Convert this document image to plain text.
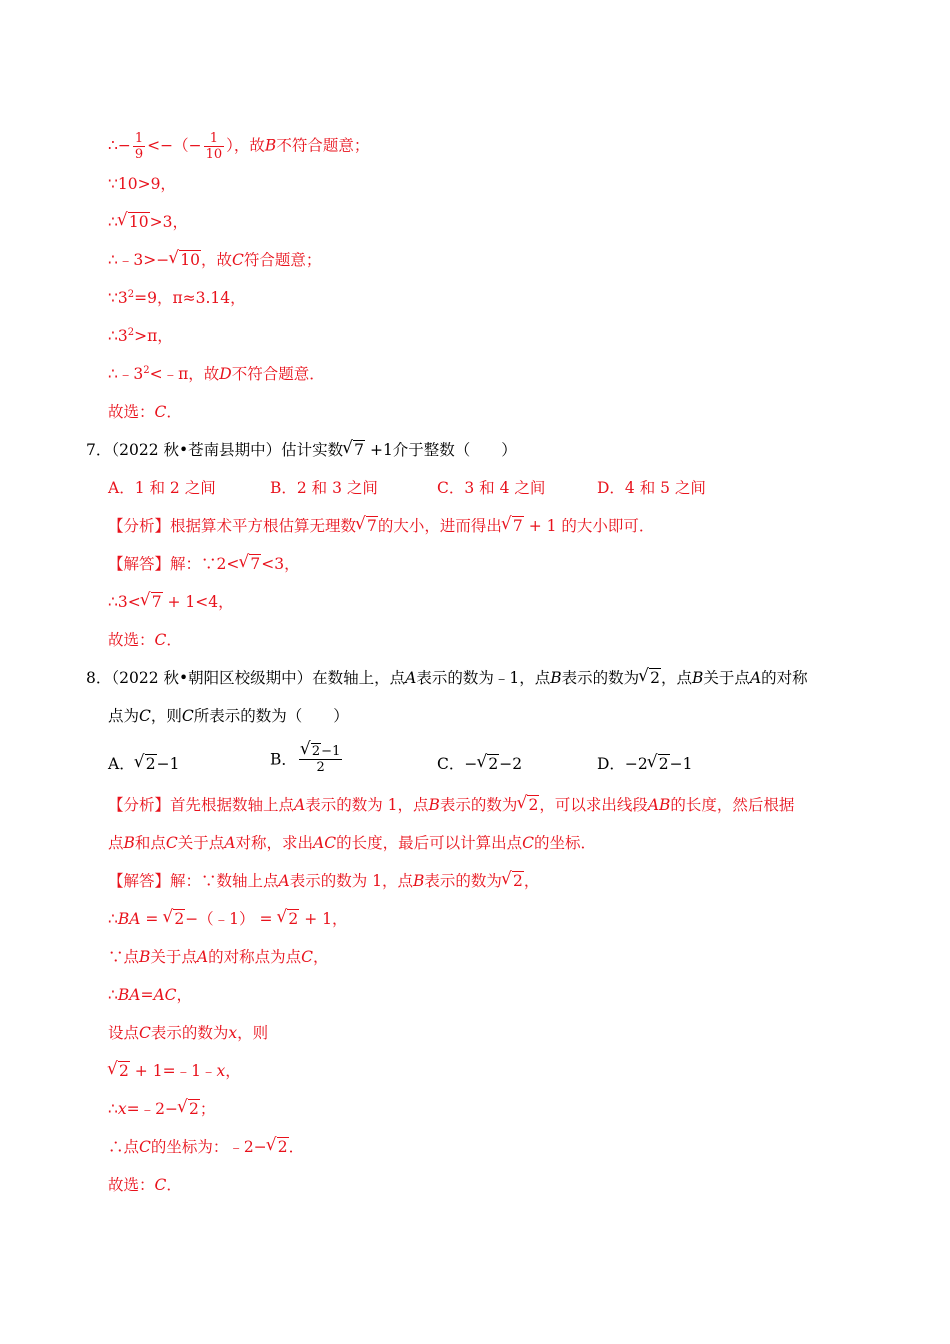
∴− $\frac{1}{9}$ <−（− $\frac{1}{10}$ ），故B不符合题意；
∵10>9，
∴ √ 10>3，
∴﹣3>− √ 10，故C符合题意；
$\because 3^2=9$，π≈3.14，
$\therefore 3^2>\pi$，
$\therefore﹣3^2<﹣\pi$，故D不符合题意．
故选：C．
7．（2022 秋•苍南县期中）估计实数 √ 7 +1介于整数（　　）
A．1 和 2 之间	B．2 和 3 之间	C．3 和 4 之间	D．4 和 5 之间
【分析】根据算术平方根估算无理数 √ 7的大小，进而得出 √ 7 + 1 的大小即可．
【解答】解：∵2< √ 7<3，
∴3< √ 7 + 1<4，
故选：C．
8．（2022 秋•朝阳区校级期中）在数轴上，点A表示的数为﹣1，点B表示的数为 √ 2，点B关于点A的对称
点为C，则C所表示的数为（　　）
A． √ 2−1	B． √ $\frac{2-1}{2}$	C．− √ 2−2	D．−2 √ 2−1
【分析】首先根据数轴上点A表示的数为 1，点B表示的数为 √ 2，可以求出线段AB的长度，然后根据
点B和点C关于点A对称，求出AC的长度，最后可以计算出点C的坐标．
【解答】解：∵数轴上点A表示的数为 1，点B表示的数为 √ 2，
∴BA = √ 2−（﹣1） = √ 2 + 1，
∵点B关于点A的对称点为点C，
∴BA=AC，
设点C表示的数为x，则
√ 2 + 1=﹣1﹣x，
∴x=﹣2− √ 2；
∴点C的坐标为：﹣2− √ 2．
故选：C．
